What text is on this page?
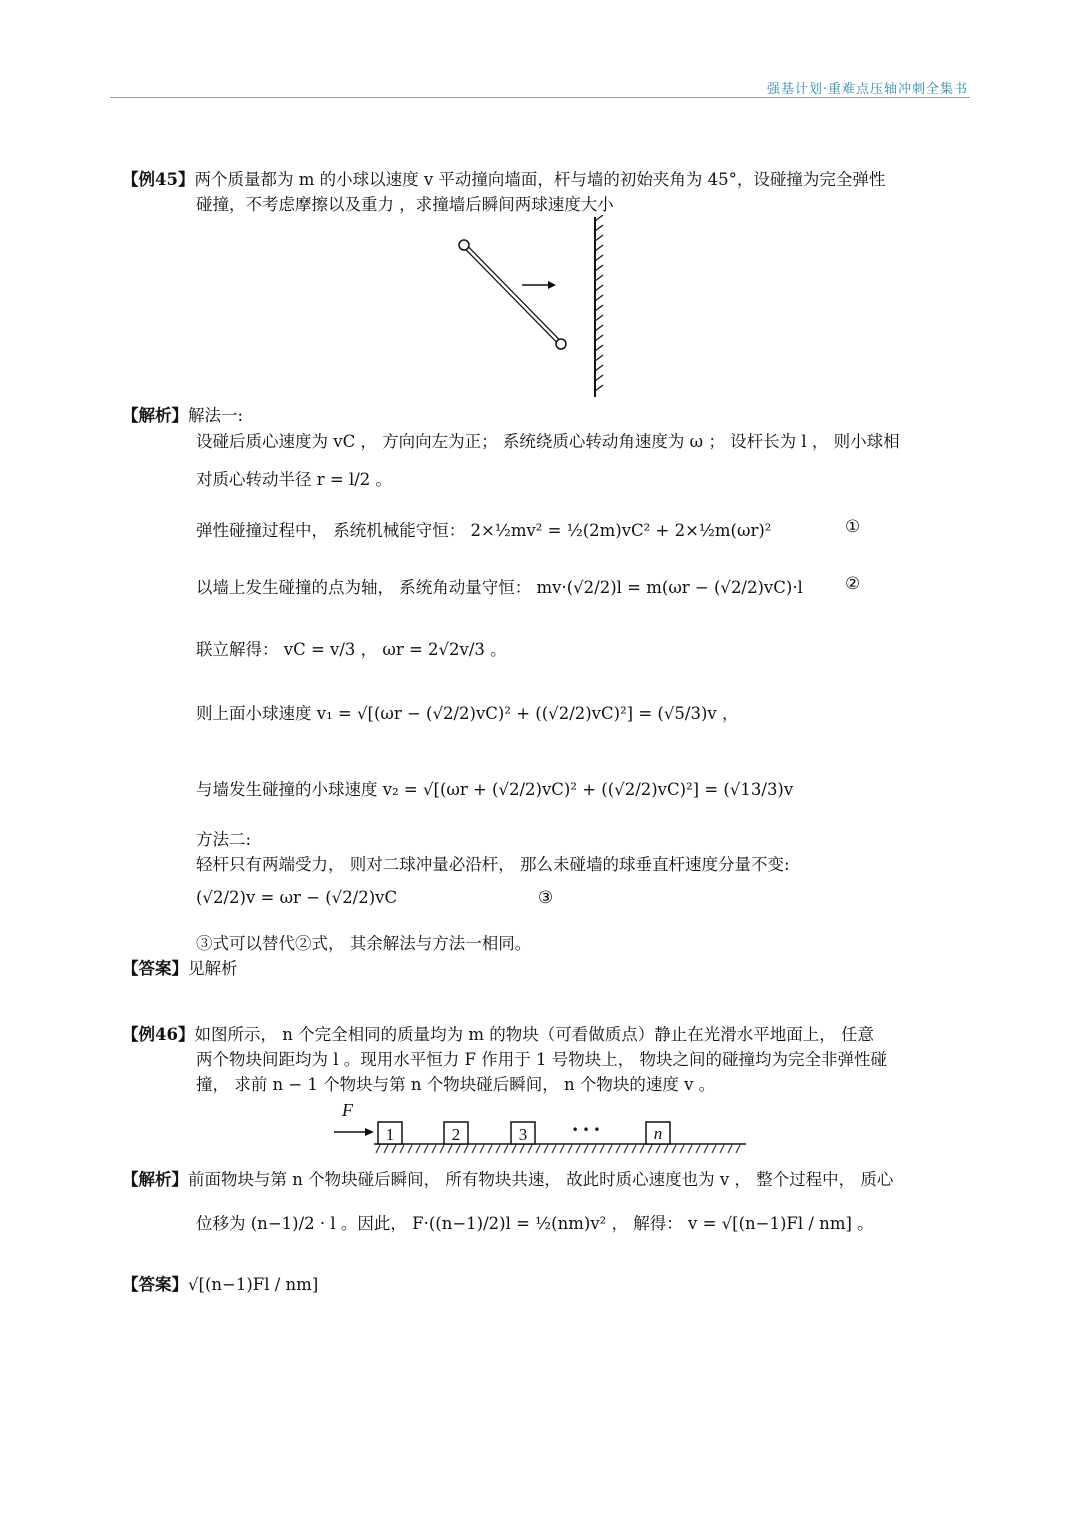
强基计划·重难点压轴冲刺全集书
【例45】两个质量都为 m 的小球以速度 v 平动撞向墙面，杆与墙的初始夹角为 45°，设碰撞为完全弹性
碰撞，不考虑摩擦以及重力 ，求撞墙后瞬间两球速度大小
【解析】解法一:
设碰后质心速度为 vC ， 方向向左为正； 系统绕质心转动角速度为 ω ； 设杆长为 l ， 则小球相
对质心转动半径 r = l/2 。
弹性碰撞过程中， 系统机械能守恒： 2×½mv² = ½(2m)vC² + 2×½m(ωr)²	①
以墙上发生碰撞的点为轴， 系统角动量守恒： mv·(√2/2)l = m(ωr − (√2/2)vC)·l ②
联立解得： vC = v/3 ， ωr = 2√2v/3 。
则上面小球速度 v₁ = √[(ωr − (√2/2)vC)² + ((√2/2)vC)²] = (√5/3)v ，
与墙发生碰撞的小球速度 v₂ = √[(ωr + (√2/2)vC)² + ((√2/2)vC)²] = (√13/3)v
方法二:
轻杆只有两端受力， 则对二球冲量必沿杆， 那么未碰墙的球垂直杆速度分量不变:
(√2/2)v = ωr − (√2/2)vC	③
③式可以替代②式， 其余解法与方法一相同。
【答案】见解析
【例46】如图所示， n 个完全相同的质量均为 m 的物块（可看做质点）静止在光滑水平地面上， 任意
两个物块间距均为 l 。现用水平恒力 F 作用于 1 号物块上， 物块之间的碰撞均为完全非弹性碰
撞， 求前 n − 1 个物块与第 n 个物块碰后瞬间， n 个物块的速度 v 。
F
1	2	3	• • •	n
【解析】前面物块与第 n 个物块碰后瞬间， 所有物块共速， 故此时质心速度也为 v ， 整个过程中， 质心
位移为 (n−1)/2 · l 。因此， F·((n−1)/2)l = ½(nm)v² ， 解得： v = √[(n−1)Fl / nm] 。
【答案】√[(n−1)Fl / nm]
